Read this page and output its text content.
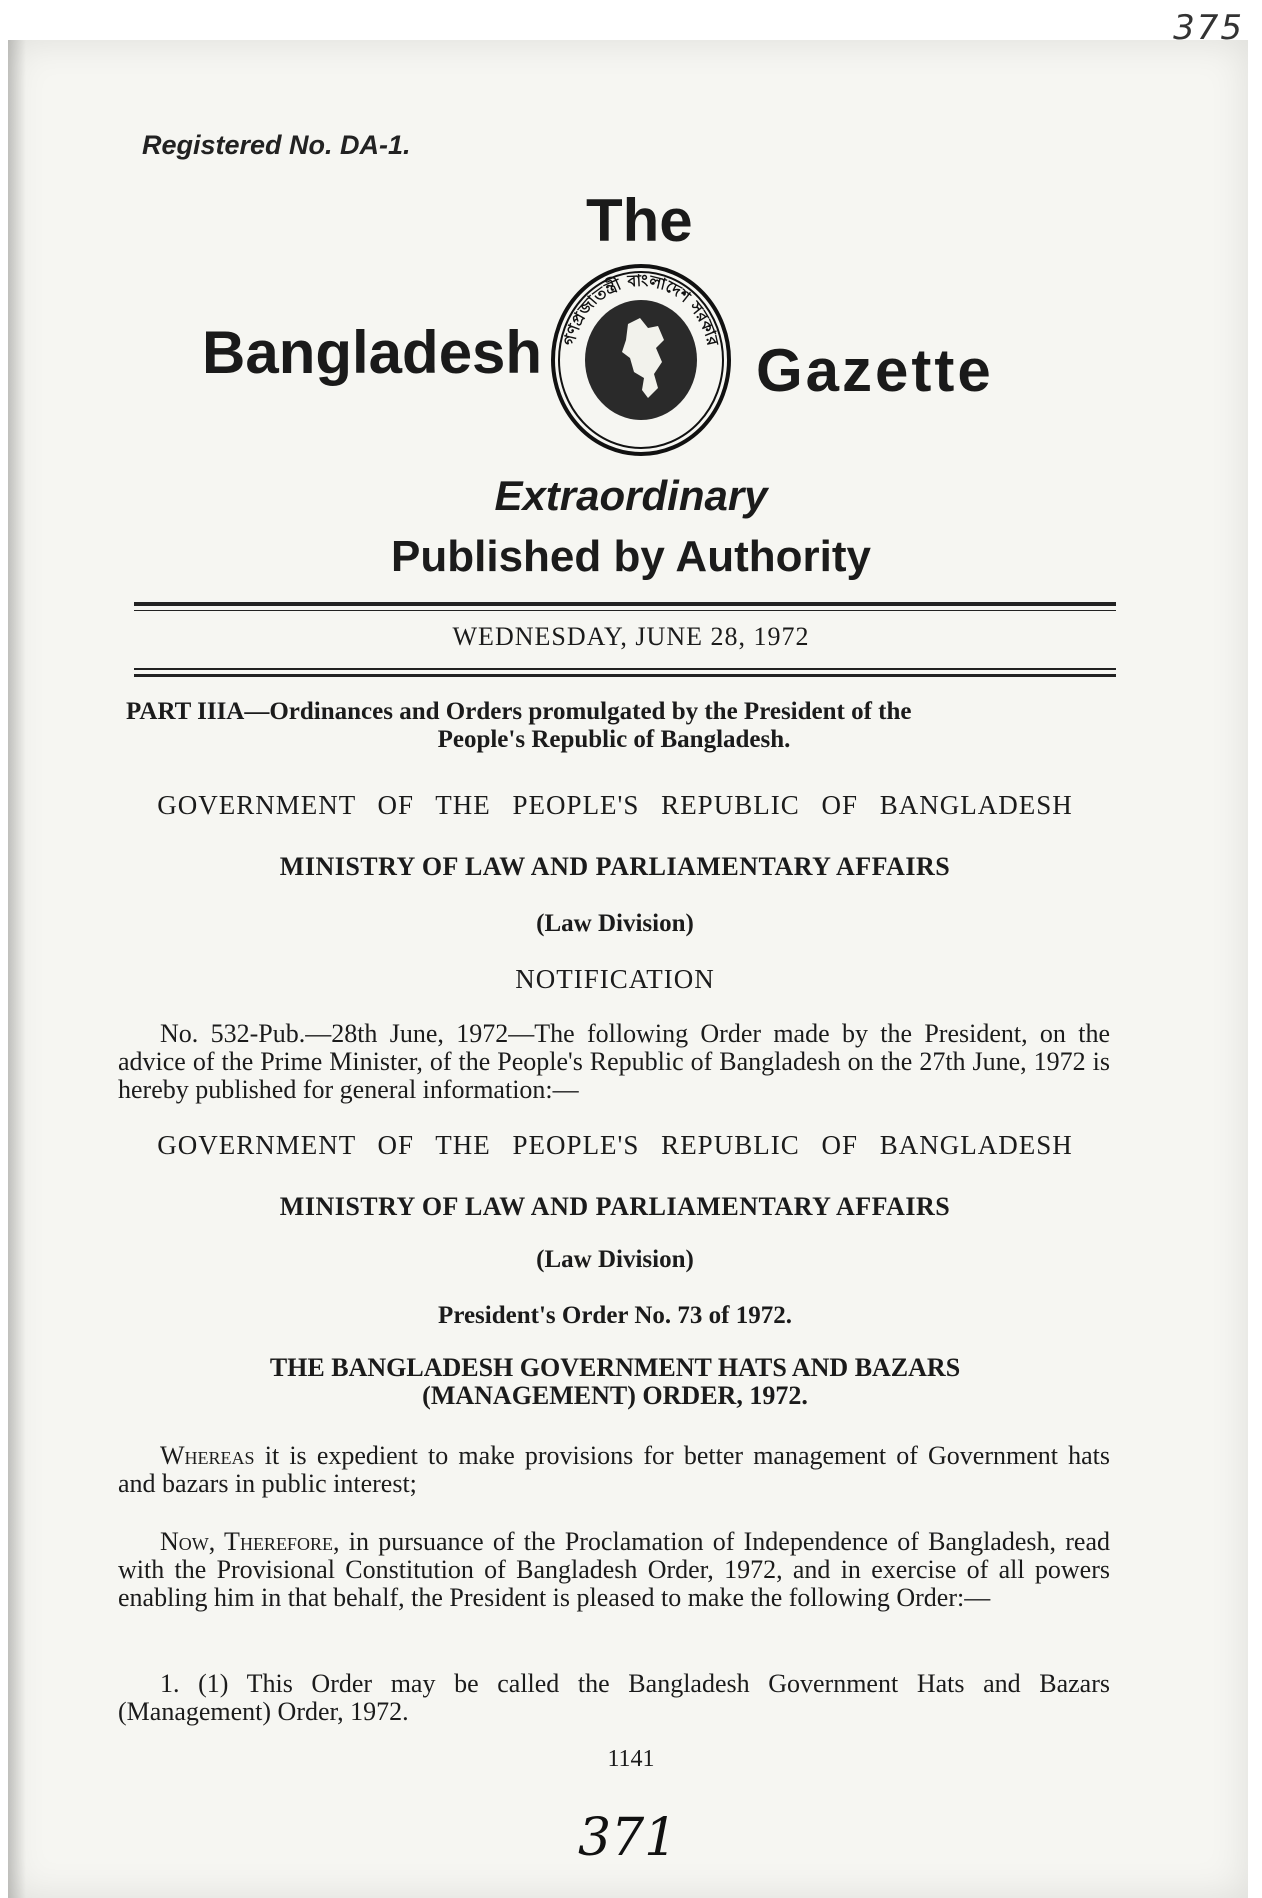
375
Registered No. DA-1.
The
Bangladesh	Gazette
গণপ্রজাতন্ত্রী বাংলাদেশ সরকার
Extraordinary
Published by Authority
WEDNESDAY, JUNE 28, 1972
PART IIIA—Ordinances and Orders promulgated by the President of the
People's Republic of Bangladesh.
GOVERNMENT OF THE PEOPLE'S REPUBLIC OF BANGLADESH
MINISTRY OF LAW AND PARLIAMENTARY AFFAIRS
(Law Division)
NOTIFICATION
No. 532-Pub.—28th June, 1972—The following Order made by the President, on the advice of the Prime Minister, of the People's Republic of Bangladesh on the 27th June, 1972 is hereby published for general information:—
GOVERNMENT OF THE PEOPLE'S REPUBLIC OF BANGLADESH
MINISTRY OF LAW AND PARLIAMENTARY AFFAIRS
(Law Division)
President's Order No. 73 of 1972.
THE BANGLADESH GOVERNMENT HATS AND BAZARS
(MANAGEMENT) ORDER, 1972.
Whereas it is expedient to make provisions for better management of Government hats and bazars in public interest;
Now, Therefore, in pursuance of the Proclamation of Independence of Bangladesh, read with the Provisional Constitution of Bangladesh Order, 1972, and in exercise of all powers enabling him in that behalf, the President is pleased to make the following Order:—
1. (1) This Order may be called the Bangladesh Government Hats and Bazars (Management) Order, 1972.
1141
371
